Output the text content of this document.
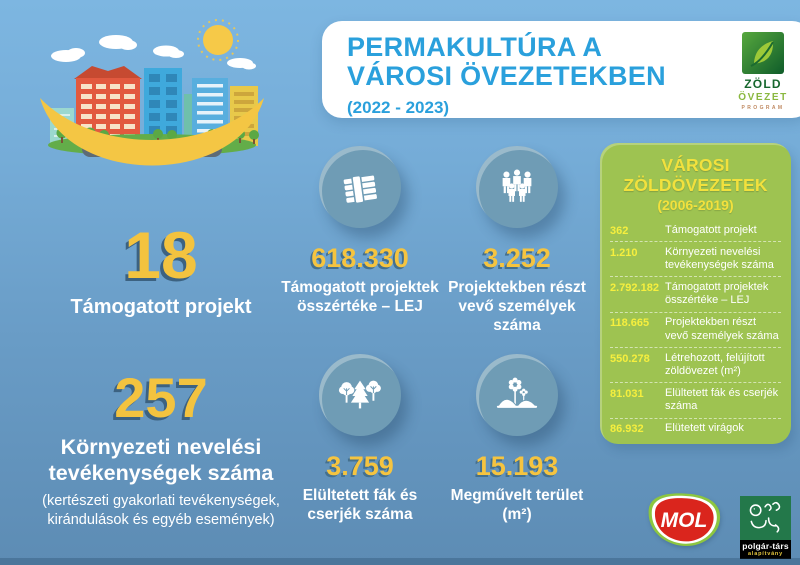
PERMAKULTÚRA A
VÁROSI ÖVEZETEKBEN
(2022 - 2023)
ZÖLD
ÖVEZET
PROGRAM
18
Támogatott projekt
257
Környezeti nevelési tevékenységek száma
(kertészeti gyakorlati tevékenységek, kirándulások és egyéb események)
618.330
Támogatott projektek összértéke – LEJ
3.252
Projektekben részt vevő személyek száma
3.759
Elültetett fák és cserjék száma
15.193
Megművelt terület (m²)
VÁROSI
ZÖLDÖVEZETEK
(2006-2019)
362	Támogatott projekt
1.210	Környezeti nevelési tevékenységek száma
2.792.182 Támogatott projektek összértéke – LEJ
118.665	Projektekben részt vevő személyek száma
550.278	Létrehozott, felújított zöldövezet (m²)
81.031	Elültetett fák és cserjék száma
86.932	Elütetett virágok
MOL
polgár-társ
alapítvány
